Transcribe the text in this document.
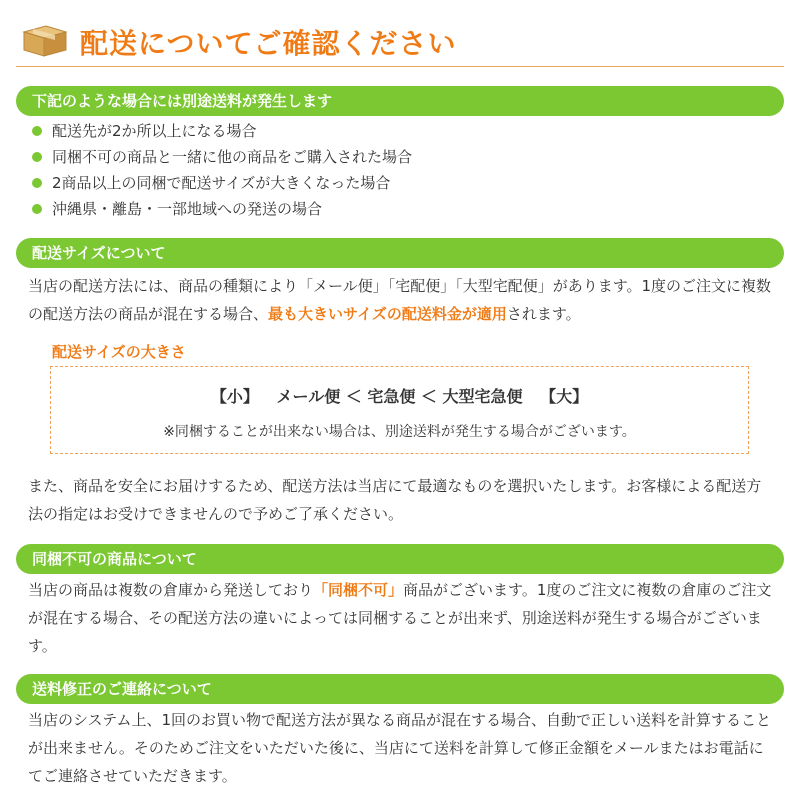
配送についてご確認ください
下記のような場合には別途送料が発生します
配送先が2か所以上になる場合
同梱不可の商品と一緒に他の商品をご購入された場合
2商品以上の同梱で配送サイズが大きくなった場合
沖縄県・離島・一部地域への発送の場合
配送サイズについて

当店の配送方法には、商品の種類により「メール便」「宅配便」「大型宅配便」があります。1度のご注文に複数の配送方法の商品が混在する場合、最も大きいサイズの配送料金が適用されます。

配送サイズの大きさ
【小】 メール便 ＜ 宅急便 ＜ 大型宅急便 【大】
※同梱することが出来ない場合は、別途送料が発生する場合がございます。

また、商品を安全にお届けするため、配送方法は当店にて最適なものを選択いたします。お客様による配送方法の指定はお受けできませんので予めご了承ください。

同梱不可の商品について

当店の商品は複数の倉庫から発送しており「同梱不可」商品がございます。1度のご注文に複数の倉庫のご注文が混在する場合、その配送方法の違いによっては同梱することが出来ず、別途送料が発生する場合がございます。

送料修正のご連絡について

当店のシステム上、1回のお買い物で配送方法が異なる商品が混在する場合、自動で正しい送料を計算することが出来ません。そのためご注文をいただいた後に、当店にて送料を計算して修正金額をメールまたはお電話にてご連絡させていただきます。
